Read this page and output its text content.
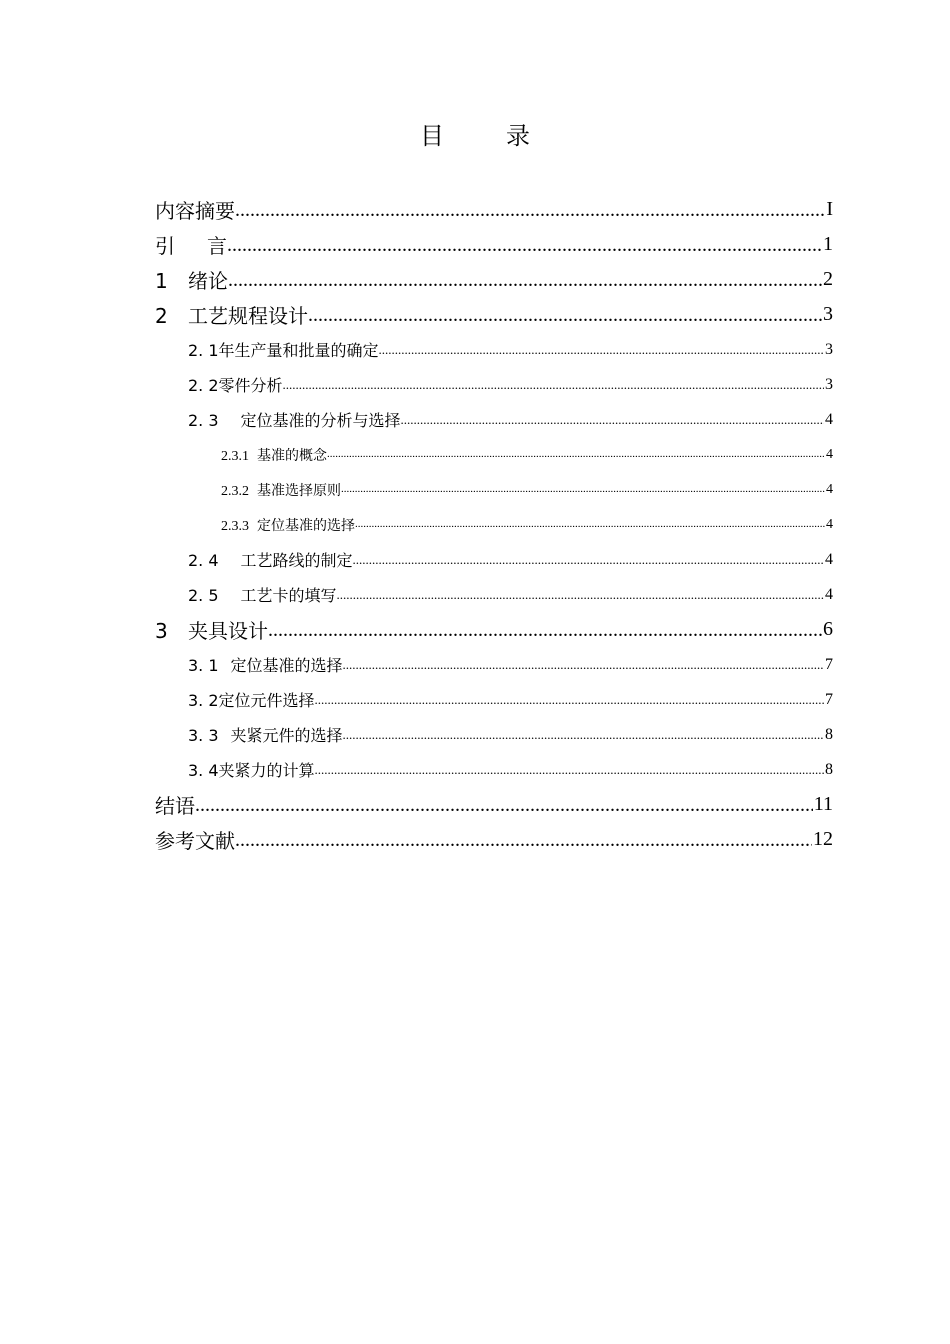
目	录
内容摘要 .....	I
引 言 .....	1
1 绪论 .....	2
2 工艺规程设计 .....	3
2. 1年生产量和批量的确定 .....	3
2. 2零件分析 .....	3
2. 3 定位基准的分析与选择 .....	4
2.3.1 基准的概念 .....	4
2.3.2 基准选择原则 .....	4
2.3.3 定位基准的选择 .....	4
2. 4 工艺路线的制定 .....	4
2. 5 工艺卡的填写 .....	4
3 夹具设计 .....	6
3. 1 定位基准的选择 .....	7
3. 2定位元件选择 .....	7
3. 3 夹紧元件的选择 .....	8
3. 4夹紧力的计算 .....	8
结语 .....	11
参考文献 .....	12
